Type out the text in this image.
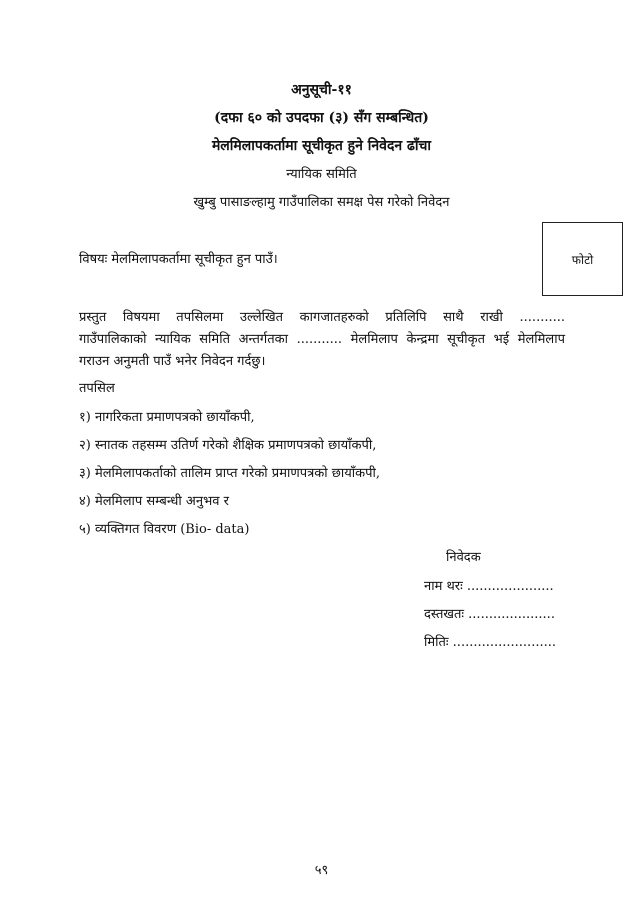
अनुसूची-११
(दफा ६० को उपदफा (३) सँग सम्बन्धित)
मेलमिलापकर्तामा सूचीकृत हुने निवेदन ढाँचा
न्यायिक समिति
खुम्बु पासाङल्हामु गाउँपालिका समक्ष पेस गरेको निवेदन
विषयः मेलमिलापकर्तामा सूचीकृत हुन पाउँ।	फोटो
प्रस्तुत विषयमा तपसिलमा उल्लेखित कागजातहरुको प्रतिलिपि साथै राखी ...........
गाउँपालिकाको न्यायिक समिति अन्तर्गतका ........... मेलमिलाप केन्द्रमा सूचीकृत भई मेलमिलाप
गराउन अनुमती पाउँ भनेर निवेदन गर्दछु।
तपसिल
१) नागरिकता प्रमाणपत्रको छायाँकपी,
२) स्नातक तहसम्म उतिर्ण गरेको शैक्षिक प्रमाणपत्रको छायाँकपी,
३) मेलमिलापकर्ताको तालिम प्राप्त गरेको प्रमाणपत्रको छायाँकपी,
४) मेलमिलाप सम्बन्धी अनुभव र
५) व्यक्तिगत विवरण (Bio- data)
निवेदक
नाम थरः .....................
दस्तखतः .....................
मितिः .........................
५९
